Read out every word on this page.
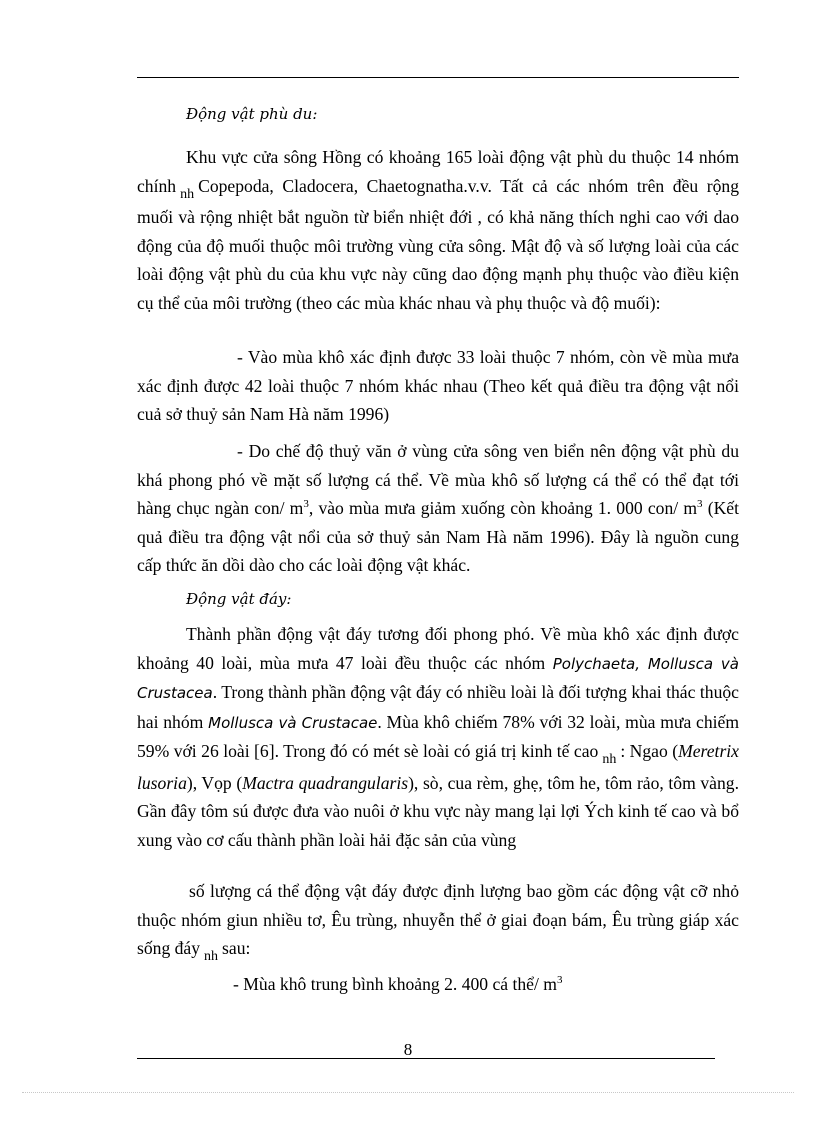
Động vật phù du:

Khu vực cửa sông Hồng có khoảng 165 loài động vật phù du thuộc 14 nhóm chính $_{nh}$ Copepoda, Cladocera, Chaetognatha.v.v. Tất cả các nhóm trên đều rộng muối và rộng nhiệt bắt nguồn từ biển nhiệt đới , có khả năng thích nghi cao với dao động của độ muối thuộc môi trường vùng cửa sông. Mật độ và số lượng loài của các loài động vật phù du của khu vực này cũng dao động mạnh phụ thuộc vào điều kiện cụ thể của môi trường (theo các mùa khác nhau và phụ thuộc và độ muối):

- Vào mùa khô xác định được 33 loài thuộc 7 nhóm, còn về mùa mưa xác định được 42 loài thuộc 7 nhóm khác nhau (Theo kết quả điều tra động vật nổi cuả sở thuỷ sản Nam Hà năm 1996)

- Do chế độ thuỷ văn ở vùng cửa sông ven biển nên động vật phù du khá phong phó về mặt số lượng cá thể. Về mùa khô số lượng cá thể có thể đạt tới hàng chục ngàn con/ $m^3$, vào mùa mưa giảm xuống còn khoảng 1. 000 con/ $m^3$ (Kết quả điều tra động vật nổi của sở thuỷ sản Nam Hà năm 1996). Đây là nguồn cung cấp thức ăn dồi dào cho các loài động vật khác.

Động vật đáy:

Thành phần động vật đáy tương đối phong phó. Về mùa khô xác định được khoảng 40 loài, mùa mưa 47 loài đều thuộc các nhóm Polychaeta, Mollusca và Crustacea. Trong thành phần động vật đáy có nhiều loài là đối tượng khai thác thuộc hai nhóm Mollusca và Crustacae. Mùa khô chiếm 78% với 32 loài, mùa mưa chiếm 59% với 26 loài [6]. Trong đó có mét sè loài có giá trị kinh tế cao $_{nh}$ : Ngao (Meretrix lusoria), Vọp (Mactra quadrangularis), sò, cua rèm, ghẹ, tôm he, tôm rảo, tôm vàng. Gần đây tôm sú được đưa vào nuôi ở khu vực này mang lại lợi Ých kinh tế cao và bổ xung vào cơ cấu thành phần loài hải đặc sản của vùng

số lượng cá thể động vật đáy được định lượng bao gồm các động vật cỡ nhỏ thuộc nhóm giun nhiều tơ, Êu trùng, nhuyễn thể ở giai đoạn bám, Êu trùng giáp xác sống đáy $_{nh}$ sau:

- Mùa khô trung bình khoảng 2. 400 cá thể/ $m^3$

8
